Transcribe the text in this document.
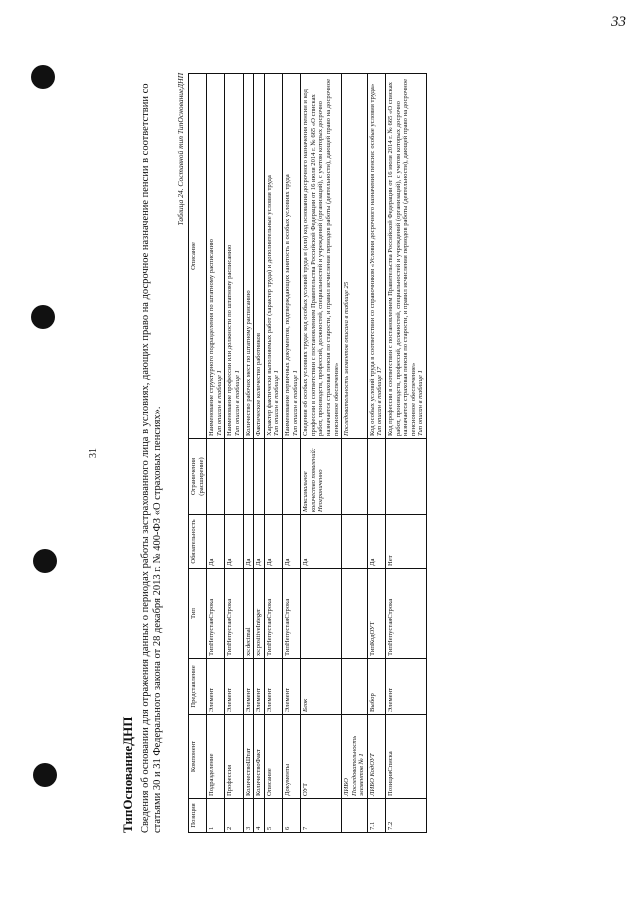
33
31
ТипОснованиеДНП Сведения об основании для отражения данных о периодах работы застрахованного лица в условиях, дающих право на досрочное назначение пенсии в соответствии со статьями 30 и 31 Федерального закона от 28 декабря 2013 г. № 400-ФЗ «О страховых пенсиях».
Таблица 24. Составной тип ТипОснованиеДНП
Позиция	Компонент	Представление	Тип	Обязательность	Ограничения (расширение)	Описание
1	Подразделение	Элемент	ТипНепустаяСтрока	Да		Наименование структурного подразделения по штатному расписанию Тип описан в таблице 1

2	Профессия	Элемент	ТипНепустаяСтрока	Да		Наименование профессии или должности по штатному расписанию Тип описан в таблице 1

3	КоличествоШтат	Элемент	xs:decimal	Да		Количество рабочих мест по штатному расписанию

4	КоличествоФакт	Элемент	xs:positiveInteger	Да		Фактическое количество работников

5	Описание	Элемент	ТипНепустаяСтрока	Да		Характер фактически выполняемых работ (характер труда) и дополнительные условия труда Тип описан в таблице 1

6	Документы	Элемент	ТипНепустаяСтрока	Да		Наименование первичных документов, подтверждающих занятость в особых условиях труда Тип описан в таблице 1

7	ОУТ	Блок		Да	Максимальное количество появлений: Неограниченно	Сведения об особых условиях труда: код особых условий труда и (или) код основания досрочного назначения пенсии и код профессии в соответствии с постановлением Правительства Российской Федерации от 16 июля 2014 г. № 665 «О списках работ, производств, профессий, должностей, специальностей и учреждений (организаций), с учетом которых досрочно назначается страховая пенсия по старости, и правил исчисления периодов работы (деятельности), дающей право на досрочное пенсионное обеспечение»

	ЛИБО Последовательность элементов № 1					Последовательность элементов описана в таблице 25

7.1	ЛИБО КодОУТ	Выбор	ТипКодОУТ	Да		Код особых условий труда в соответствии со справочником «Условия досрочного назначения пенсии: особые условия труда» Тип описан в таблице 17

7.2	ПозицияСписка	Элемент	ТипНепустаяСтрока	Нет		Код профессии в соответствии с постановлением Правительства Российской Федерации от 16 июля 2014 г. № 665 «О списках работ, производств, профессий, должностей, специальностей и учреждений (организаций), с учетом которых досрочно назначается страховая пенсия по старости, и правил исчисления периодов работы (деятельности), дающей право на досрочное пенсионное обеспечение» Тип описан в таблице 1
